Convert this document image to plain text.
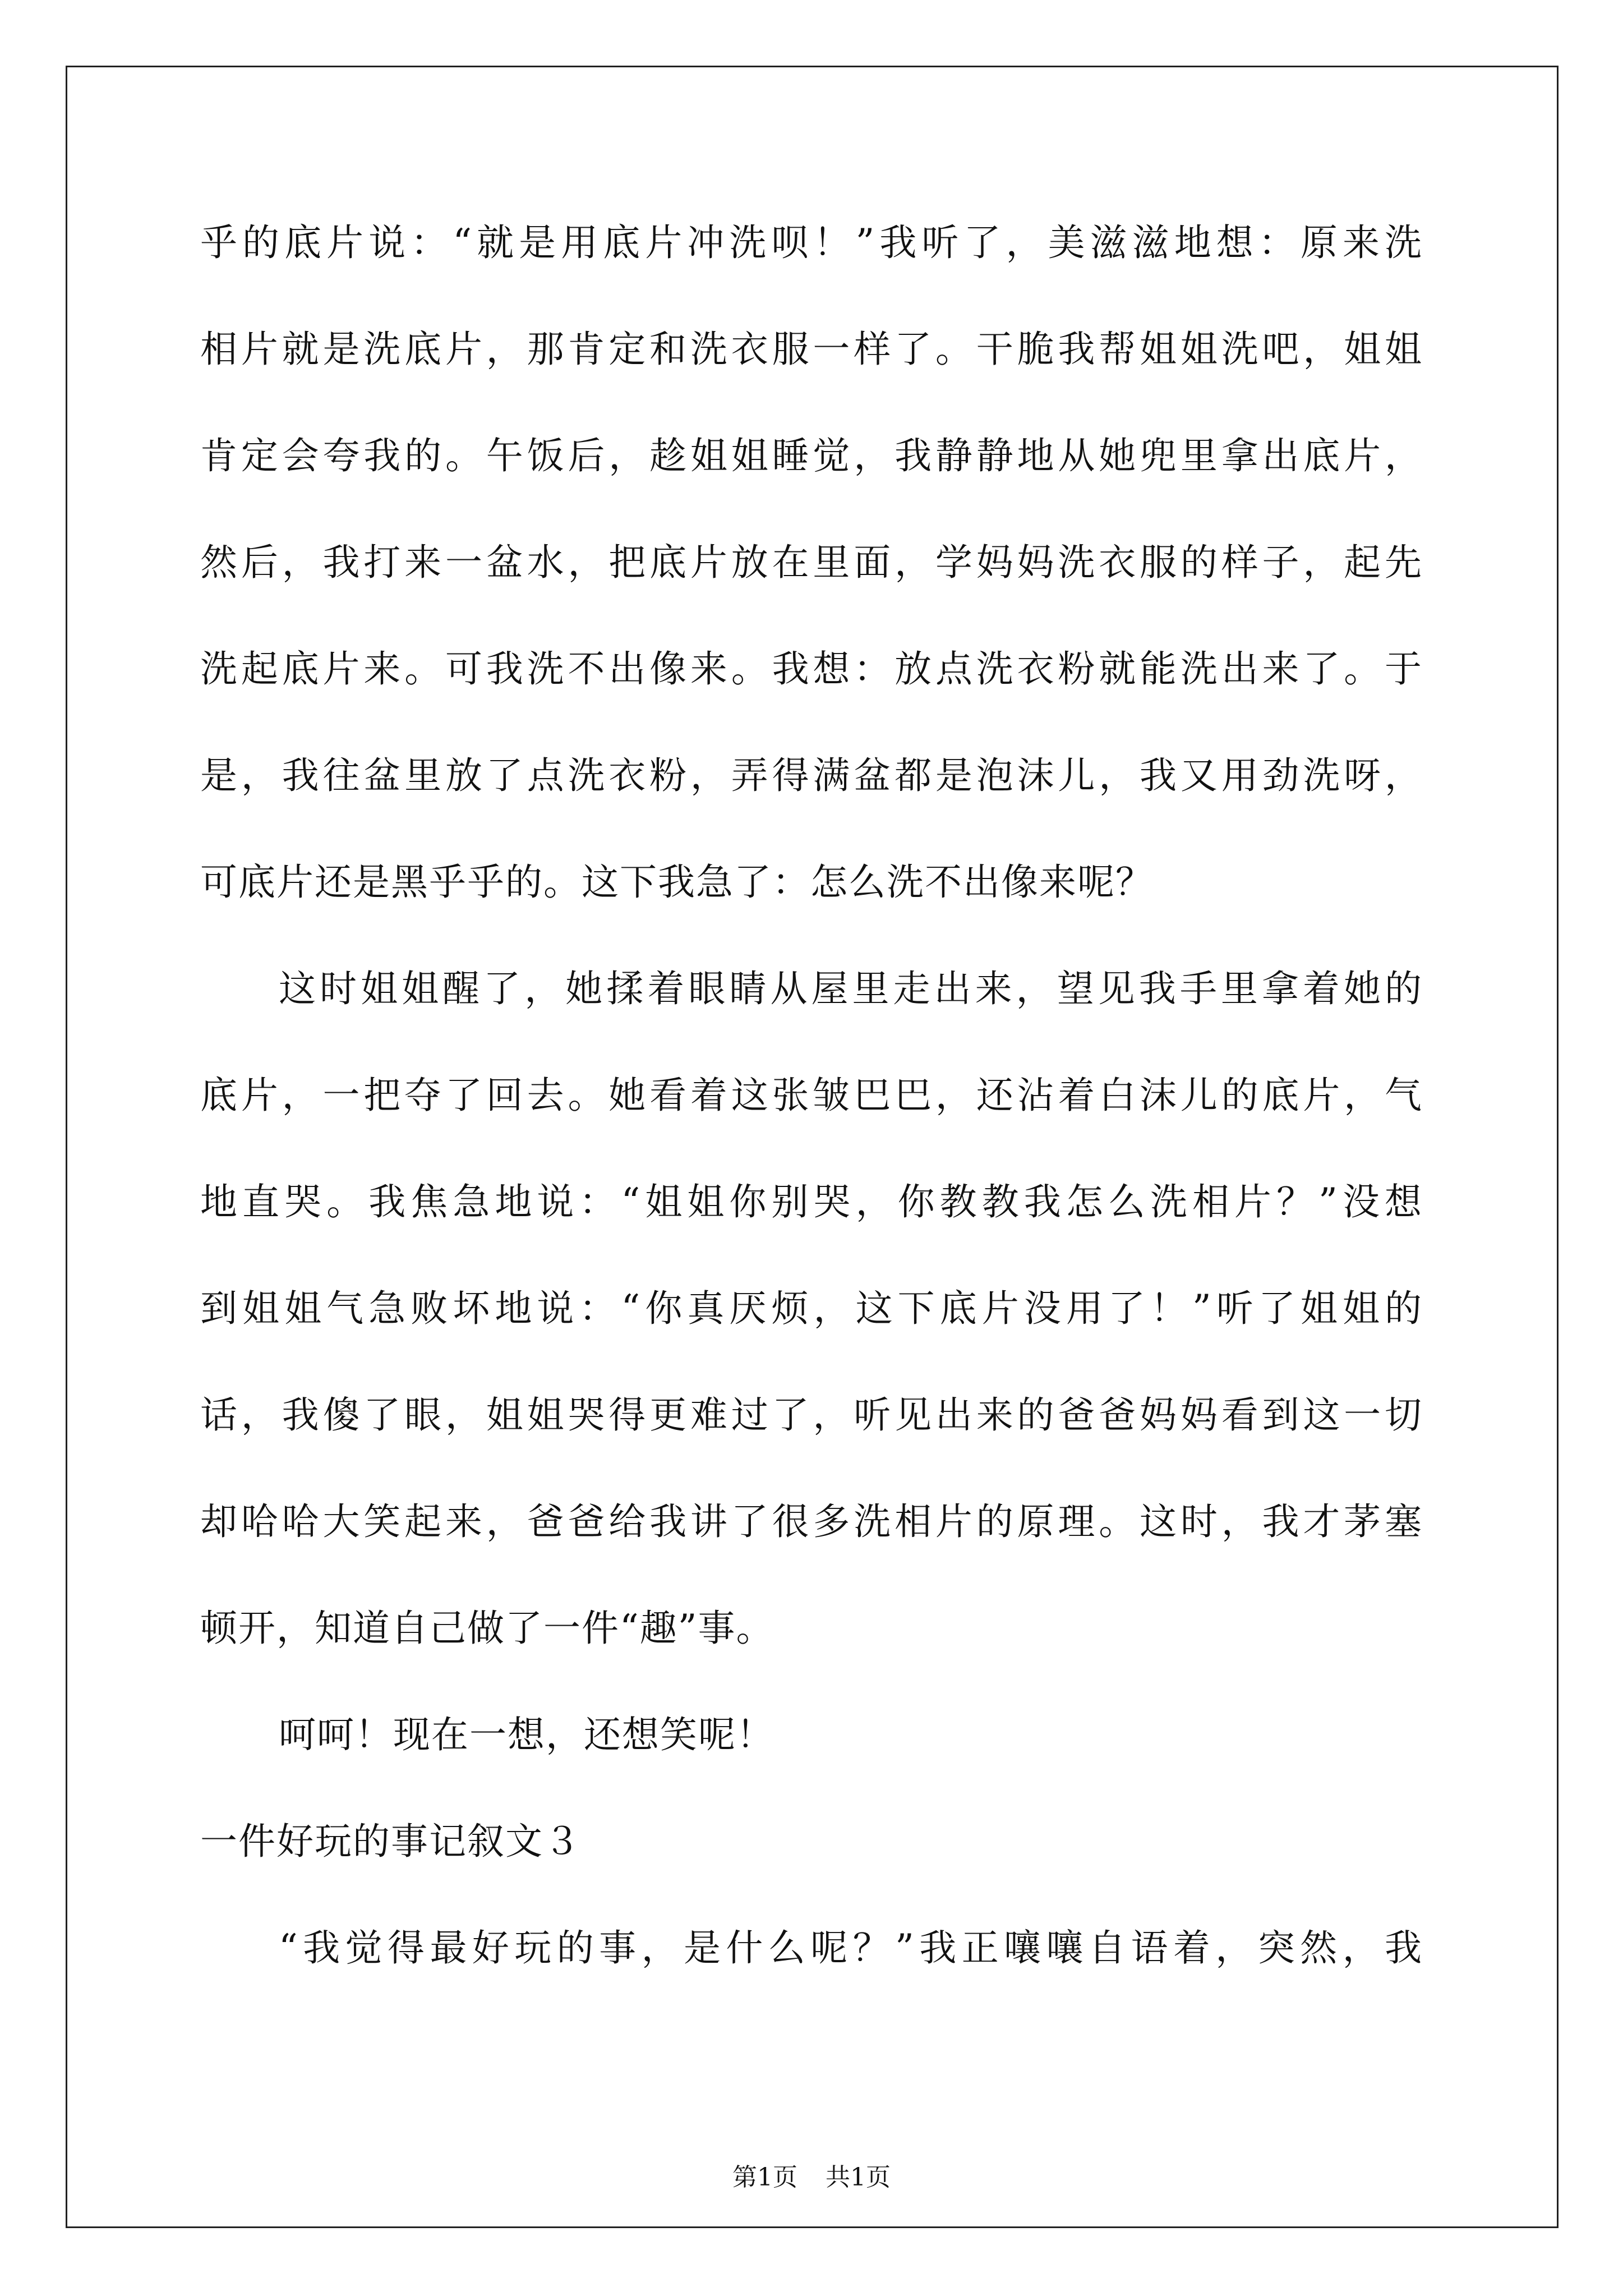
乎的底片说：“就是用底片冲洗呗！”我听了，美滋滋地想：原来洗
相片就是洗底片，那肯定和洗衣服一样了。干脆我帮姐姐洗吧，姐姐
肯定会夸我的。午饭后，趁姐姐睡觉，我静静地从她兜里拿出底片，
然后，我打来一盆水，把底片放在里面，学妈妈洗衣服的样子，起先
洗起底片来。可我洗不出像来。我想：放点洗衣粉就能洗出来了。于
是，我往盆里放了点洗衣粉，弄得满盆都是泡沫儿，我又用劲洗呀，
可底片还是黑乎乎的。这下我急了：怎么洗不出像来呢？
这时姐姐醒了，她揉着眼睛从屋里走出来，望见我手里拿着她的
底片，一把夺了回去。她看着这张皱巴巴，还沾着白沫儿的底片，气
地直哭。我焦急地说：“姐姐你别哭，你教教我怎么洗相片？”没想
到姐姐气急败坏地说：“你真厌烦，这下底片没用了！”听了姐姐的
话，我傻了眼，姐姐哭得更难过了，听见出来的爸爸妈妈看到这一切
却哈哈大笑起来，爸爸给我讲了很多洗相片的原理。这时，我才茅塞
顿开，知道自己做了一件“趣”事。
呵呵！现在一想，还想笑呢！
一件好玩的事记叙文３
“我觉得最好玩的事，是什么呢？”我正嚷嚷自语着，突然，我
第1页 共1页
